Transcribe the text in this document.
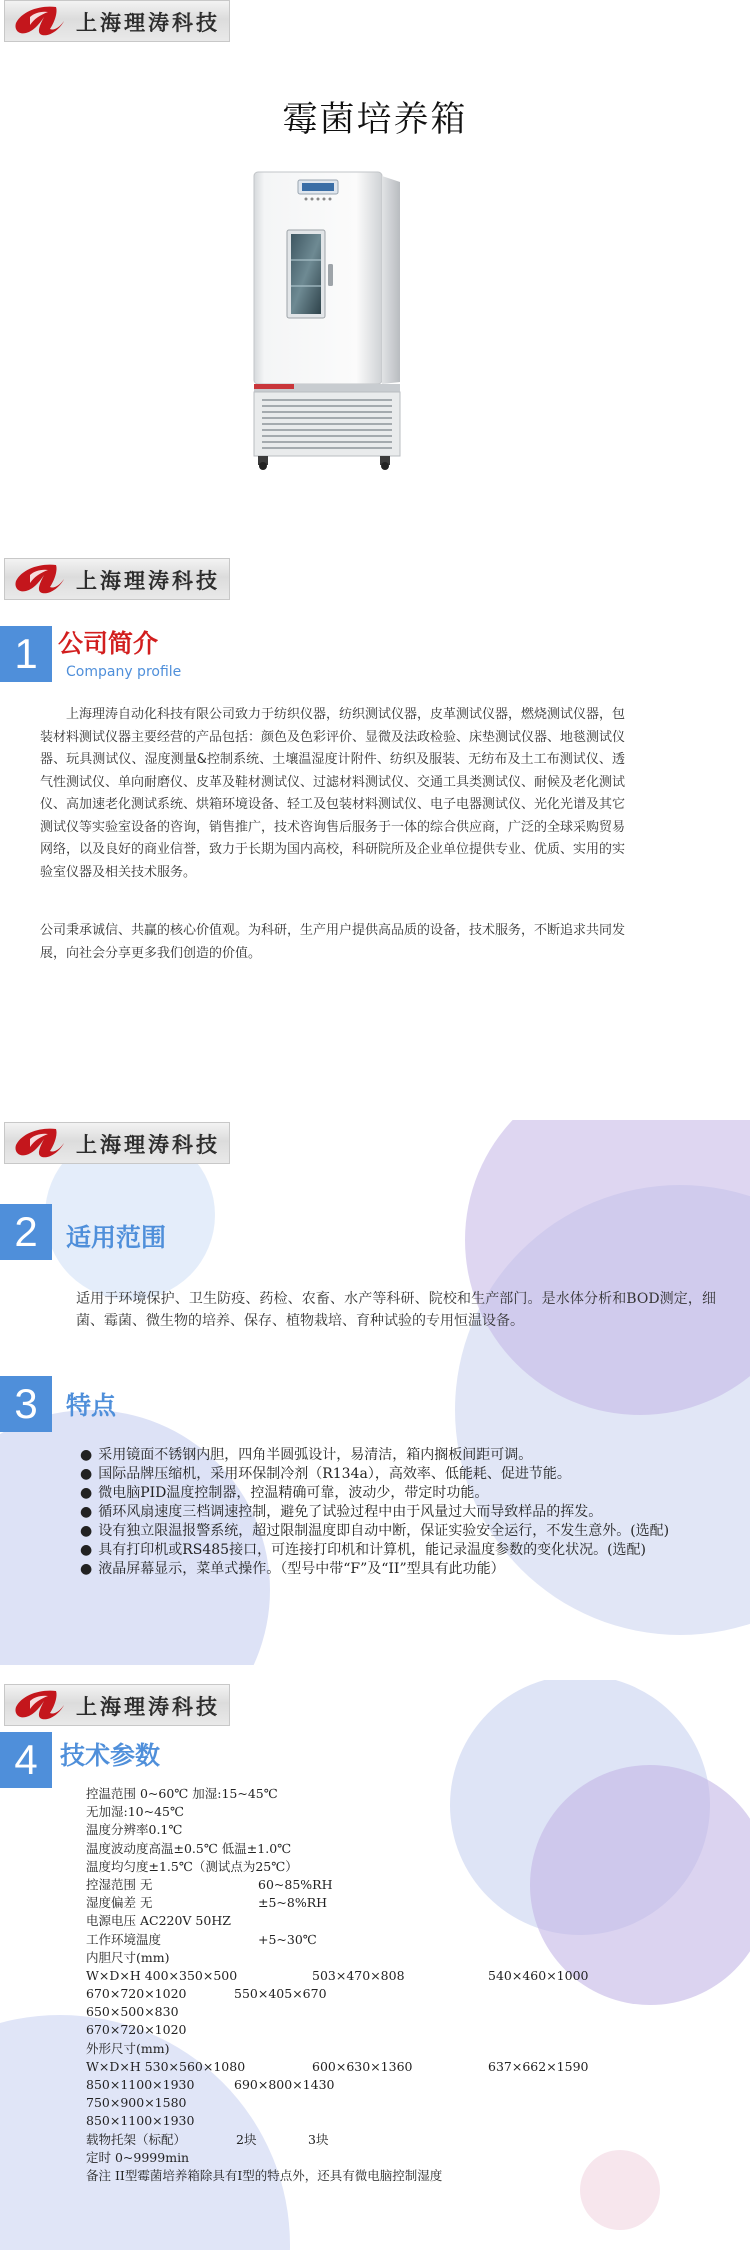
上海理涛科技
霉菌培养箱
上海理涛科技
1 公司简介
Company profile
上海理涛自动化科技有限公司致力于纺织仪器，纺织测试仪器，皮革测试仪器，燃烧测试仪器，包装材料测试仪器主要经营的产品包括：颜色及色彩评价、显微及法政检验、床垫测试仪器、地毯测试仪器、玩具测试仪、湿度测量&控制系统、土壤温湿度计附件、纺织及服装、无纺布及土工布测试仪、透气性测试仪、单向耐磨仪、皮革及鞋材测试仪、过滤材料测试仪、交通工具类测试仪、耐候及老化测试仪、高加速老化测试系统、烘箱环境设备、轻工及包装材料测试仪、电子电器测试仪、光化光谱及其它测试仪等实验室设备的咨询，销售推广，技术咨询售后服务于一体的综合供应商，广泛的全球采购贸易网络，以及良好的商业信誉，致力于长期为国内高校，科研院所及企业单位提供专业、优质、实用的实验室仪器及相关技术服务。
公司秉承诚信、共赢的核心价值观。为科研，生产用户提供高品质的设备，技术服务，不断追求共同发展，向社会分享更多我们创造的价值。
上海理涛科技
2	适用范围
适用于环境保护、卫生防疫、药检、农畜、水产等科研、院校和生产部门。是水体分析和BOD测定，细菌、霉菌、微生物的培养、保存、植物栽培、育种试验的专用恒温设备。
3	特点

● 采用镜面不锈钢内胆，四角半圆弧设计，易清洁，箱内搁板间距可调。

● 国际品牌压缩机，采用环保制冷剂（R134a），高效率、低能耗、促进节能。

● 微电脑PID温度控制器，控温精确可靠，波动少，带定时功能。

● 循环风扇速度三档调速控制，避免了试验过程中由于风量过大而导致样品的挥发。

● 设有独立限温报警系统，超过限制温度即自动中断，保证实验安全运行，不发生意外。(选配)

● 具有打印机或RS485接口，可连接打印机和计算机，能记录温度参数的变化状况。(选配)

● 液晶屏幕显示，菜单式操作。（型号中带“F”及“II”型具有此功能）

上海理涛科技
4 技术参数
控温范围 0~60℃ 加湿:15~45℃
无加湿:10~45℃
温度分辨率0.1℃
温度波动度高温±0.5℃ 低温±1.0℃
温度均匀度±1.5℃（测试点为25℃）
控湿范围 无	60~85%RH
湿度偏差 无	±5~8%RH
电源电压 AC220V 50HZ
工作环境温度	+5~30℃
内胆尺寸(mm)
W×D×H 400×350×500	503×470×808	540×460×1000
670×720×1020	550×405×670
650×500×830
670×720×1020
外形尺寸(mm)
W×D×H 530×560×1080	600×630×1360	637×662×1590
850×1100×1930	690×800×1430
750×900×1580
850×1100×1930
载物托架（标配）	2块	3块
定时 0~9999min
备注 II型霉菌培养箱除具有I型的特点外，还具有微电脑控制湿度
